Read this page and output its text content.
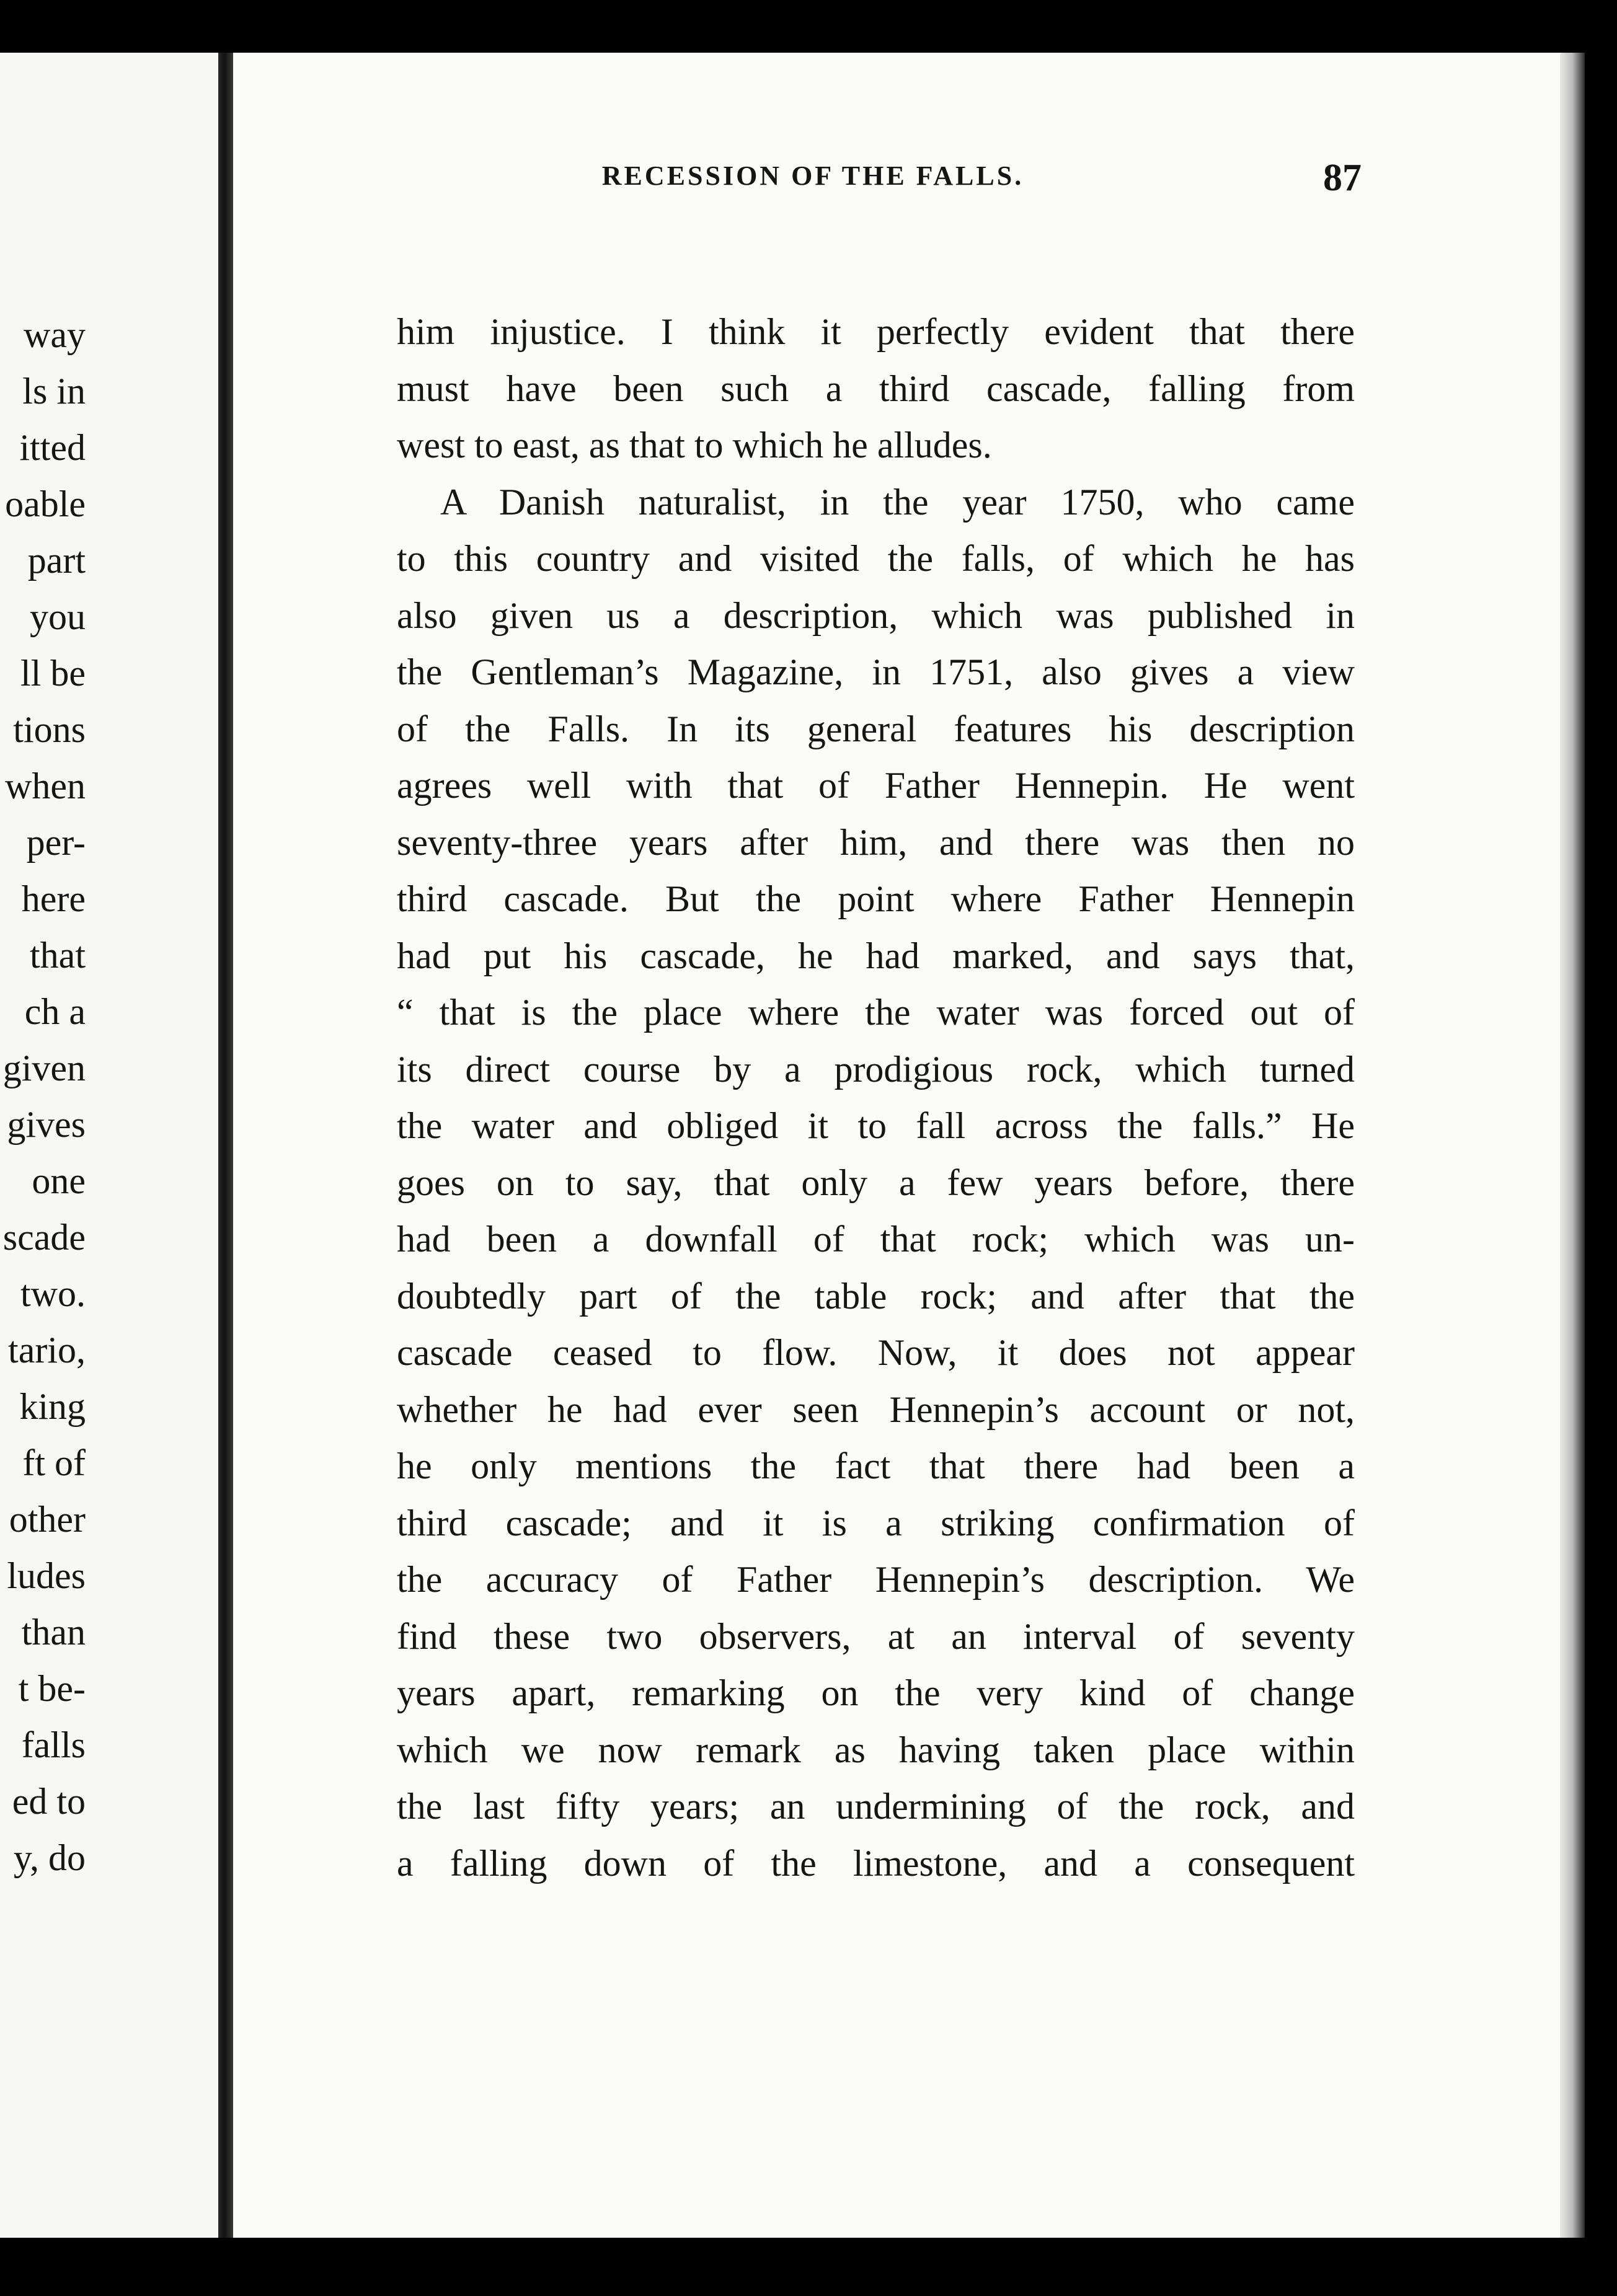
way
ls in
itted
oable
part
you
ll be
tions
when
per-
here
that
ch a
given
gives
one
scade
two.
tario,
king
ft of
other
ludes
than
t be-
falls
ed to
y, do
RECESSION OF THE FALLS.	87
him injustice. I think it perfectly evident that there
must have been such a third cascade, falling from
west to east, as that to which he alludes.
A Danish naturalist, in the year 1750, who came
to this country and visited the falls, of which he has
also given us a description, which was published in
the Gentleman’s Magazine, in 1751, also gives a view
of the Falls. In its general features his description
agrees well with that of Father Hennepin. He went
seventy-three years after him, and there was then no
third cascade. But the point where Father Hennepin
had put his cascade, he had marked, and says that,
“ that is the place where the water was forced out of
its direct course by a prodigious rock, which turned
the water and obliged it to fall across the falls.” He
goes on to say, that only a few years before, there
had been a downfall of that rock; which was un-
doubtedly part of the table rock; and after that the
cascade ceased to flow. Now, it does not appear
whether he had ever seen Hennepin’s account or not,
he only mentions the fact that there had been a
third cascade; and it is a striking confirmation of
the accuracy of Father Hennepin’s description. We
find these two observers, at an interval of seventy
years apart, remarking on the very kind of change
which we now remark as having taken place within
the last fifty years; an undermining of the rock, and
a falling down of the limestone, and a consequent
